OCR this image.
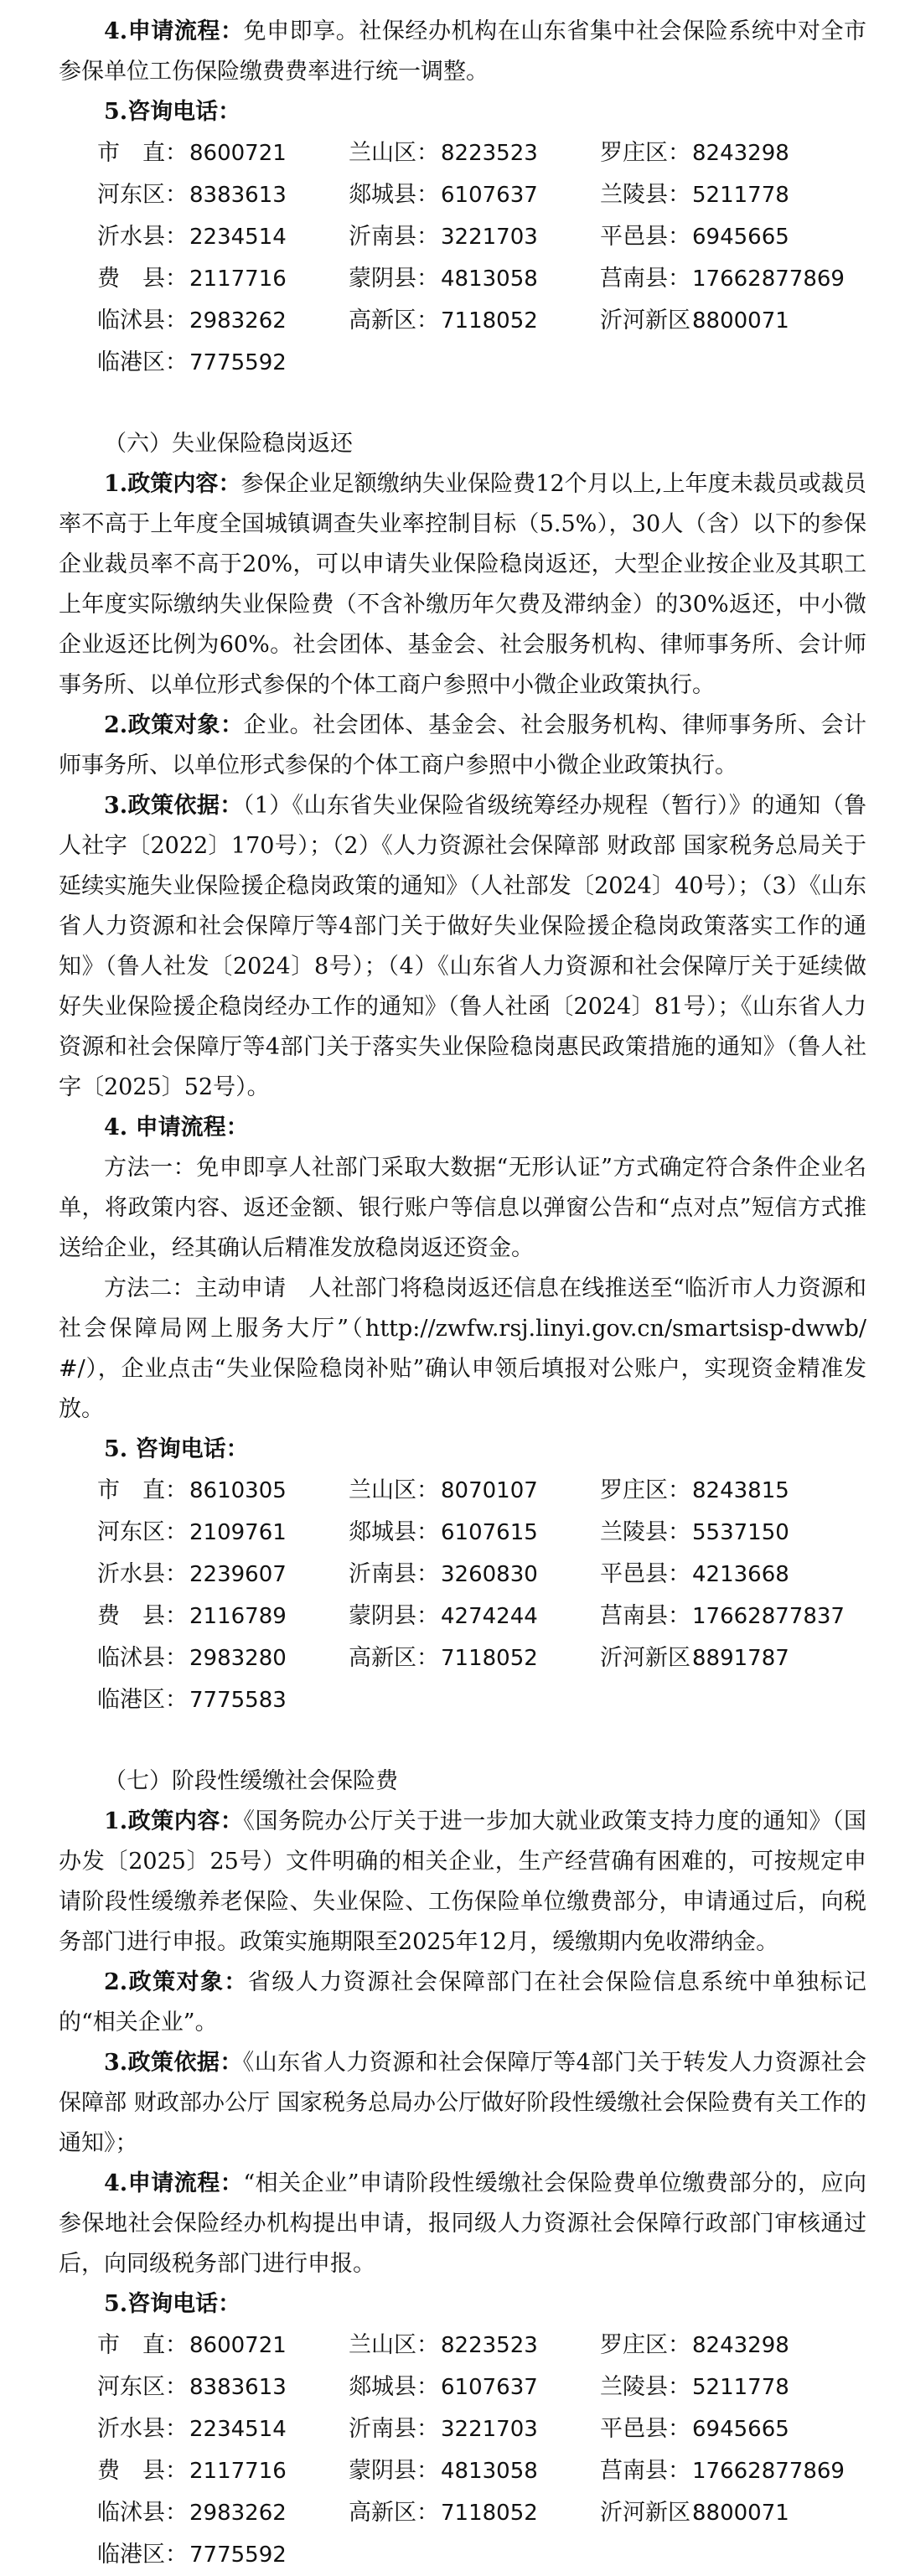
4.申请流程：免申即享。社保经办机构在山东省集中社会保险系统中对全市参保单位工伤保险缴费费率进行统一调整。

5.咨询电话：

市　直：8600721	兰山区：8223523	罗庄区：8243298
河东区：8383613	郯城县：6107637	兰陵县：5211778
沂水县：2234514	沂南县：3221703	平邑县：6945665
费　县：2117716	蒙阴县：4813058	莒南县：17662877869
临沭县：2983262	高新区：7118052	沂河新区：8800071
临港区：7775592

（六）失业保险稳岗返还

1.政策内容：参保企业足额缴纳失业保险费12个月以上,上年度未裁员或裁员率不高于上年度全国城镇调查失业率控制目标（5.5%），30人（含）以下的参保企业裁员率不高于20%，可以申请失业保险稳岗返还，大型企业按企业及其职工上年度实际缴纳失业保险费（不含补缴历年欠费及滞纳金）的30%返还，中小微企业返还比例为60%。社会团体、基金会、社会服务机构、律师事务所、会计师事务所、以单位形式参保的个体工商户参照中小微企业政策执行。

2.政策对象：企业。社会团体、基金会、社会服务机构、律师事务所、会计师事务所、以单位形式参保的个体工商户参照中小微企业政策执行。

3.政策依据：（1）《山东省失业保险省级统筹经办规程（暂行）》的通知（鲁人社字〔2022〕170号）；（2）《人力资源社会保障部 财政部 国家税务总局关于延续实施失业保险援企稳岗政策的通知》（人社部发〔2024〕40号）；（3）《山东省人力资源和社会保障厅等4部门关于做好失业保险援企稳岗政策落实工作的通知》（鲁人社发〔2024〕8号）；（4）《山东省人力资源和社会保障厅关于延续做好失业保险援企稳岗经办工作的通知》（鲁人社函〔2024〕81号）；《山东省人力资源和社会保障厅等4部门关于落实失业保险稳岗惠民政策措施的通知》（鲁人社字〔2025〕52号）。

4. 申请流程：

方法一：免申即享人社部门采取大数据“无形认证”方式确定符合条件企业名单，将政策内容、返还金额、银行账户等信息以弹窗公告和“点对点”短信方式推送给企业，经其确认后精准发放稳岗返还资金。

方法二：主动申请　人社部门将稳岗返还信息在线推送至“临沂市人力资源和社会保障局网上服务大厅”（http://zwfw.rsj.linyi.gov.cn/smartsisp-dwwb/#/），企业点击“失业保险稳岗补贴”确认申领后填报对公账户，实现资金精准发放。

5. 咨询电话：

市　直：8610305	兰山区：8070107	罗庄区：8243815
河东区：2109761	郯城县：6107615	兰陵县：5537150
沂水县：2239607	沂南县：3260830	平邑县：4213668
费　县：2116789	蒙阴县：4274244	莒南县：17662877837
临沭县：2983280	高新区：7118052	沂河新区：8891787
临港区：7775583

（七）阶段性缓缴社会保险费

1.政策内容：《国务院办公厅关于进一步加大就业政策支持力度的通知》（国办发〔2025〕25号）文件明确的相关企业，生产经营确有困难的，可按规定申请阶段性缓缴养老保险、失业保险、工伤保险单位缴费部分，申请通过后，向税务部门进行申报。政策实施期限至2025年12月，缓缴期内免收滞纳金。

2.政策对象：省级人力资源社会保障部门在社会保险信息系统中单独标记的“相关企业”。

3.政策依据：《山东省人力资源和社会保障厅等4部门关于转发人力资源社会保障部 财政部办公厅 国家税务总局办公厅做好阶段性缓缴社会保险费有关工作的通知》；

4.申请流程：“相关企业”申请阶段性缓缴社会保险费单位缴费部分的，应向参保地社会保险经办机构提出申请，报同级人力资源社会保障行政部门审核通过后，向同级税务部门进行申报。

5.咨询电话：

市　直：8600721	兰山区：8223523	罗庄区：8243298
河东区：8383613	郯城县：6107637	兰陵县：5211778
沂水县：2234514	沂南县：3221703	平邑县：6945665
费　县：2117716	蒙阴县：4813058	莒南县：17662877869
临沭县：2983262	高新区：7118052	沂河新区：8800071
临港区：7775592
